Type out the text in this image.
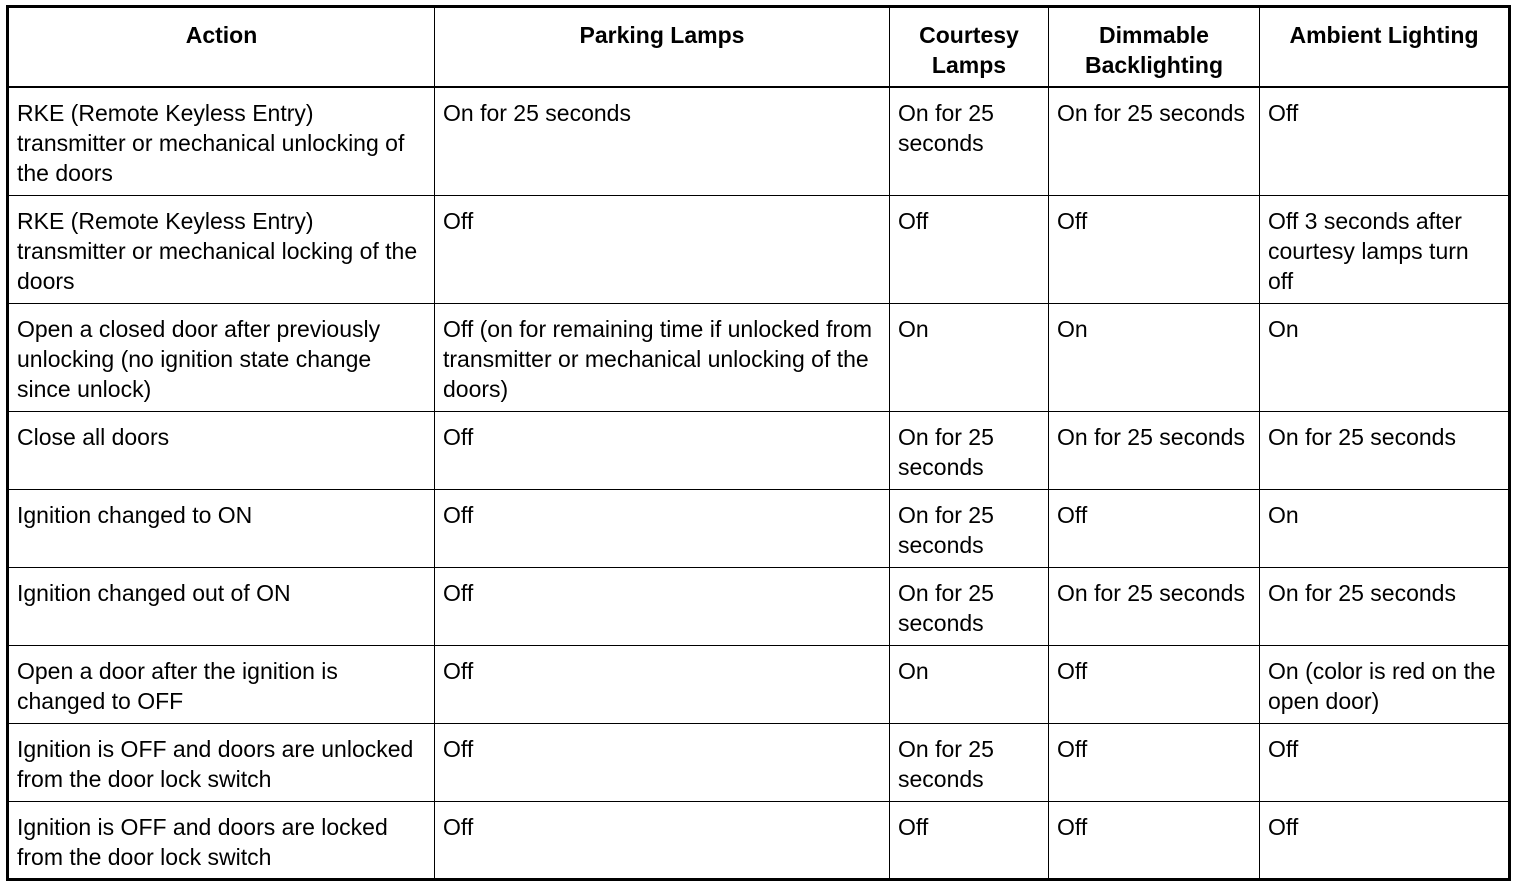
Action	Parking Lamps	Courtesy Lamps	Dimmable Backlighting	Ambient Lighting
RKE (Remote Keyless Entry) transmitter or mechanical unlocking of the doors	On for 25 seconds	On for 25 seconds	On for 25 seconds	Off
RKE (Remote Keyless Entry) transmitter or mechanical locking of the doors	Off	Off	Off	Off 3 seconds after courtesy lamps turn off
Open a closed door after previously unlocking (no ignition state change since unlock)	Off (on for remaining time if unlocked from transmitter or mechanical unlocking of the doors)	On	On	On
Close all doors	Off	On for 25 seconds	On for 25 seconds	On for 25 seconds
Ignition changed to ON	Off	On for 25 seconds	Off	On
Ignition changed out of ON	Off	On for 25 seconds	On for 25 seconds	On for 25 seconds
Open a door after the ignition is changed to OFF	Off	On	Off	On (color is red on the open door)
Ignition is OFF and doors are unlocked from the door lock switch	Off	On for 25 seconds	Off	Off
Ignition is OFF and doors are locked from the door lock switch	Off	Off	Off	Off
